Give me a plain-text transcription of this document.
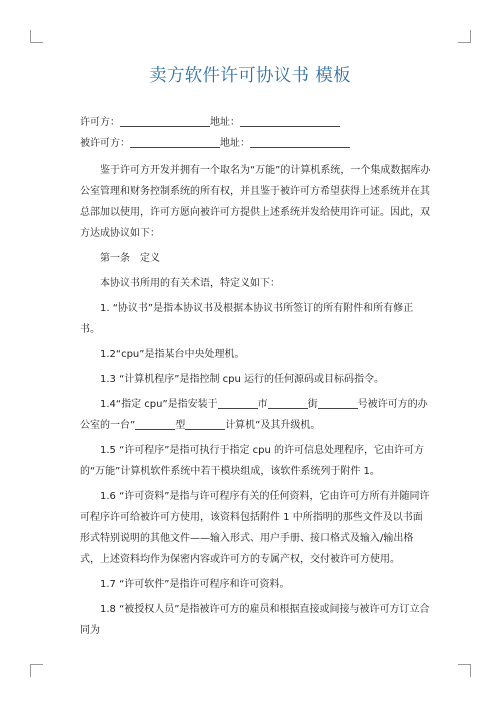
卖方软件许可协议书 模板

许可方：	地址：

被许可方：	地址：

鉴于许可方开发并拥有一个取名为“万能”的计算机系统，一个集成数据库办公室管理和财务控制系统的所有权，并且鉴于被许可方希望获得上述系统并在其总部加以使用，许可方愿向被许可方提供上述系统并发给使用许可证。因此，双方达成协议如下：

第一条　定义

本协议书所用的有关术语，特定义如下：

1. “协议书”是指本协议书及根据本协议书所签订的所有附件和所有修正书。

1.2“cpu”是指某台中央处理机。

1.3 “计算机程序”是指控制 cpu 运行的任何源码或目标码指令。

1.4“指定 cpu”是指安装于	市	街	号被许可方的办公室的一台”	型	计算机”及其升级机。

1.5 “许可程序”是指可执行于指定 cpu 的许可信息处理程序，它由许可方的“万能”计算机软件系统中若干模块组成，该软件系统列于附件 1。

1.6 “许可资料”是指与许可程序有关的任何资料，它由许可方所有并随同许可程序许可给被许可方使用，该资料包括附件 1 中所指明的那些文件及以书面形式特别说明的其他文件——输入形式、用户手册、接口格式及输入/输出格式，上述资料均作为保密内容或许可方的专属产权，交付被许可方使用。

1.7 “许可软件”是指许可程序和许可资料。

1.8 “被授权人员”是指被许可方的雇员和根据直接或间接与被许可方订立合同为
